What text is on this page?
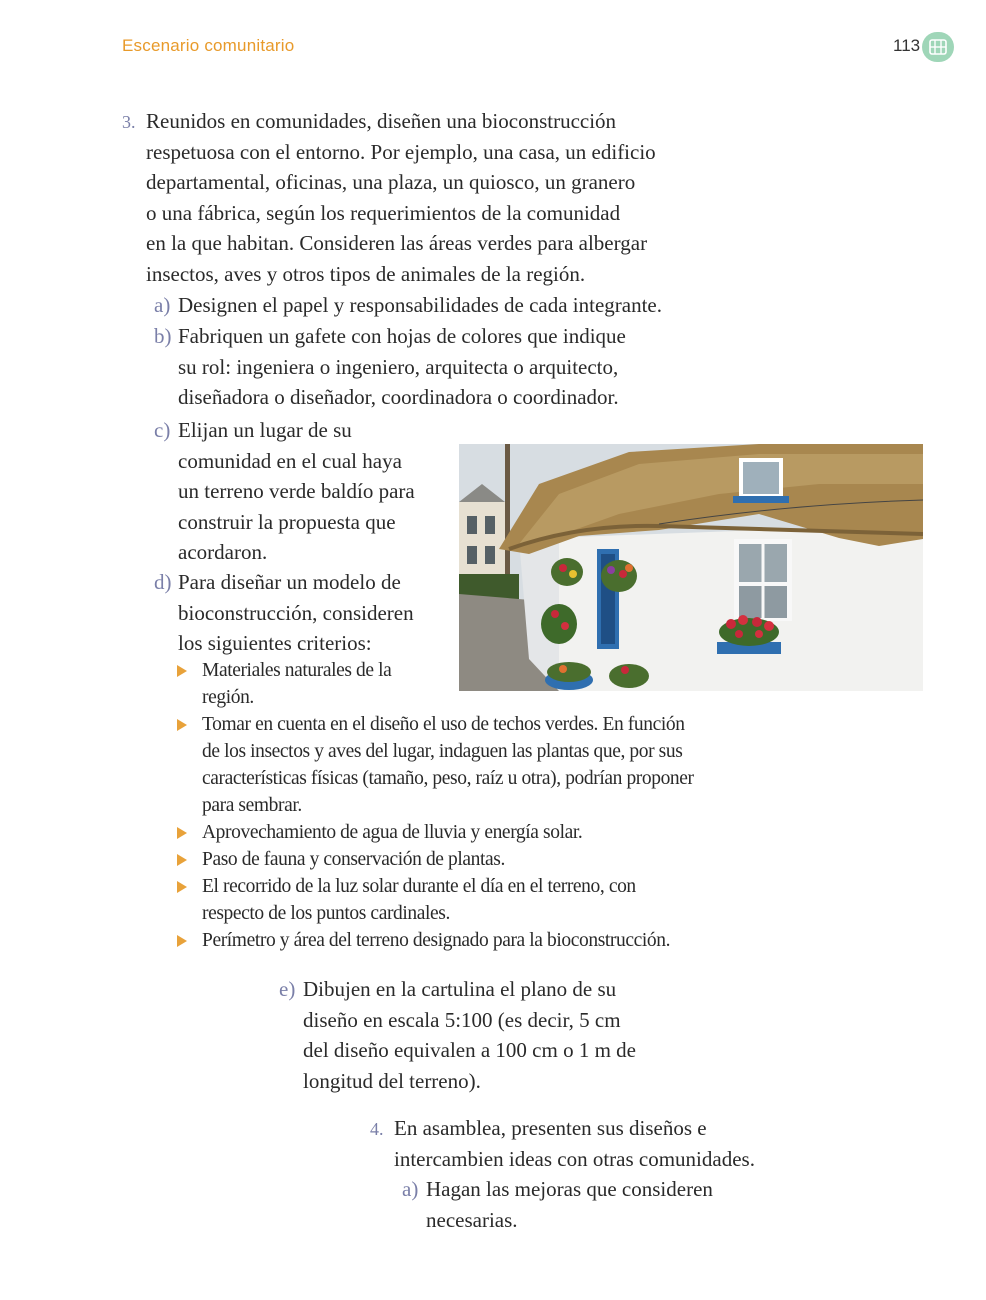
Escenario comunitario	113
3. Reunidos en comunidades, diseñen una bioconstrucción
respetuosa con el entorno. Por ejemplo, una casa, un edificio
departamental, oficinas, una plaza, un quiosco, un granero
o una fábrica, según los requerimientos de la comunidad
en la que habitan. Consideren las áreas verdes para albergar
insectos, aves y otros tipos de animales de la región.
a) Designen el papel y responsabilidades de cada integrante.
b) Fabriquen un gafete con hojas de colores que indique
su rol: ingeniera o ingeniero, arquitecta o arquitecto,
diseñadora o diseñador, coordinadora o coordinador.
c) Elijan un lugar de su
comunidad en el cual haya
un terreno verde baldío para
construir la propuesta que
acordaron.
d) Para diseñar un modelo de
bioconstrucción, consideren
los siguientes criterios:
Materiales naturales de la
región.
Tomar en cuenta en el diseño el uso de techos verdes. En función
de los insectos y aves del lugar, indaguen las plantas que, por sus
características físicas (tamaño, peso, raíz u otra), podrían proponer
para sembrar.
Aprovechamiento de agua de lluvia y energía solar.
Paso de fauna y conservación de plantas.
El recorrido de la luz solar durante el día en el terreno, con
respecto de los puntos cardinales.
Perímetro y área del terreno designado para la bioconstrucción.
e) Dibujen en la cartulina el plano de su
diseño en escala 5:100 (es decir, 5 cm
del diseño equivalen a 100 cm o 1 m de
longitud del terreno).
4. En asamblea, presenten sus diseños e
intercambien ideas con otras comunidades.
a) Hagan las mejoras que consideren
necesarias.
